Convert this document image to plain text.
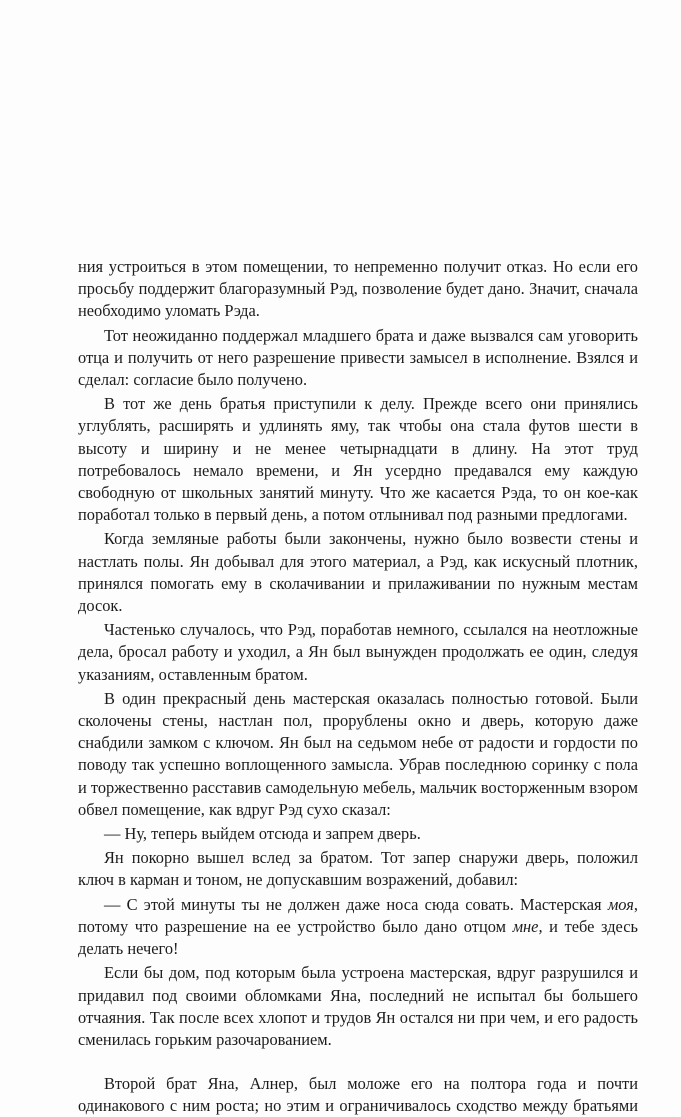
ния устроиться в этом помещении, то непременно получит отказ. Но если его просьбу поддержит благоразумный Рэд, позволение будет дано. Значит, сначала необходимо уломать Рэда.

Тот неожиданно поддержал младшего брата и даже вызвался сам уговорить отца и получить от него разрешение привести замысел в исполнение. Взялся и сделал: согласие было получено.

В тот же день братья приступили к делу. Прежде всего они принялись углублять, расширять и удлинять яму, так чтобы она стала футов шести в высоту и ширину и не менее четырнадцати в длину. На этот труд потребовалось немало времени, и Ян усердно предавался ему каждую свободную от школьных занятий минуту. Что же касается Рэда, то он кое-как поработал только в первый день, а потом отлынивал под разными предлогами.

Когда земляные работы были закончены, нужно было возвести стены и настлать полы. Ян добывал для этого материал, а Рэд, как искусный плотник, принялся помогать ему в сколачивании и прилаживании по нужным местам досок.

Частенько случалось, что Рэд, поработав немного, ссылался на неотложные дела, бросал работу и уходил, а Ян был вынужден продолжать ее один, следуя указаниям, оставленным братом.

В один прекрасный день мастерская оказалась полностью готовой. Были сколочены стены, настлан пол, прорублены окно и дверь, которую даже снабдили замком с ключом. Ян был на седьмом небе от радости и гордости по поводу так успешно воплощенного замысла. Убрав последнюю соринку с пола и торжественно расставив самодельную мебель, мальчик восторженным взором обвел помещение, как вдруг Рэд сухо сказал:

— Ну, теперь выйдем отсюда и запрем дверь.

Ян покорно вышел вслед за братом. Тот запер снаружи дверь, положил ключ в карман и тоном, не допускавшим возражений, добавил:

— С этой минуты ты не должен даже носа сюда совать. Мастерская моя, потому что разрешение на ее устройство было дано отцом мне, и тебе здесь делать нечего!

Если бы дом, под которым была устроена мастерская, вдруг разрушился и придавил под своими обломками Яна, последний не испытал бы большего отчаяния. Так после всех хлопот и трудов Ян остался ни при чем, и его радость сменилась горьким разочарованием.

Второй брат Яна, Алнер, был моложе его на полтора года и почти одинакового с ним роста; но этим и ограничивалось сходство между братьями
